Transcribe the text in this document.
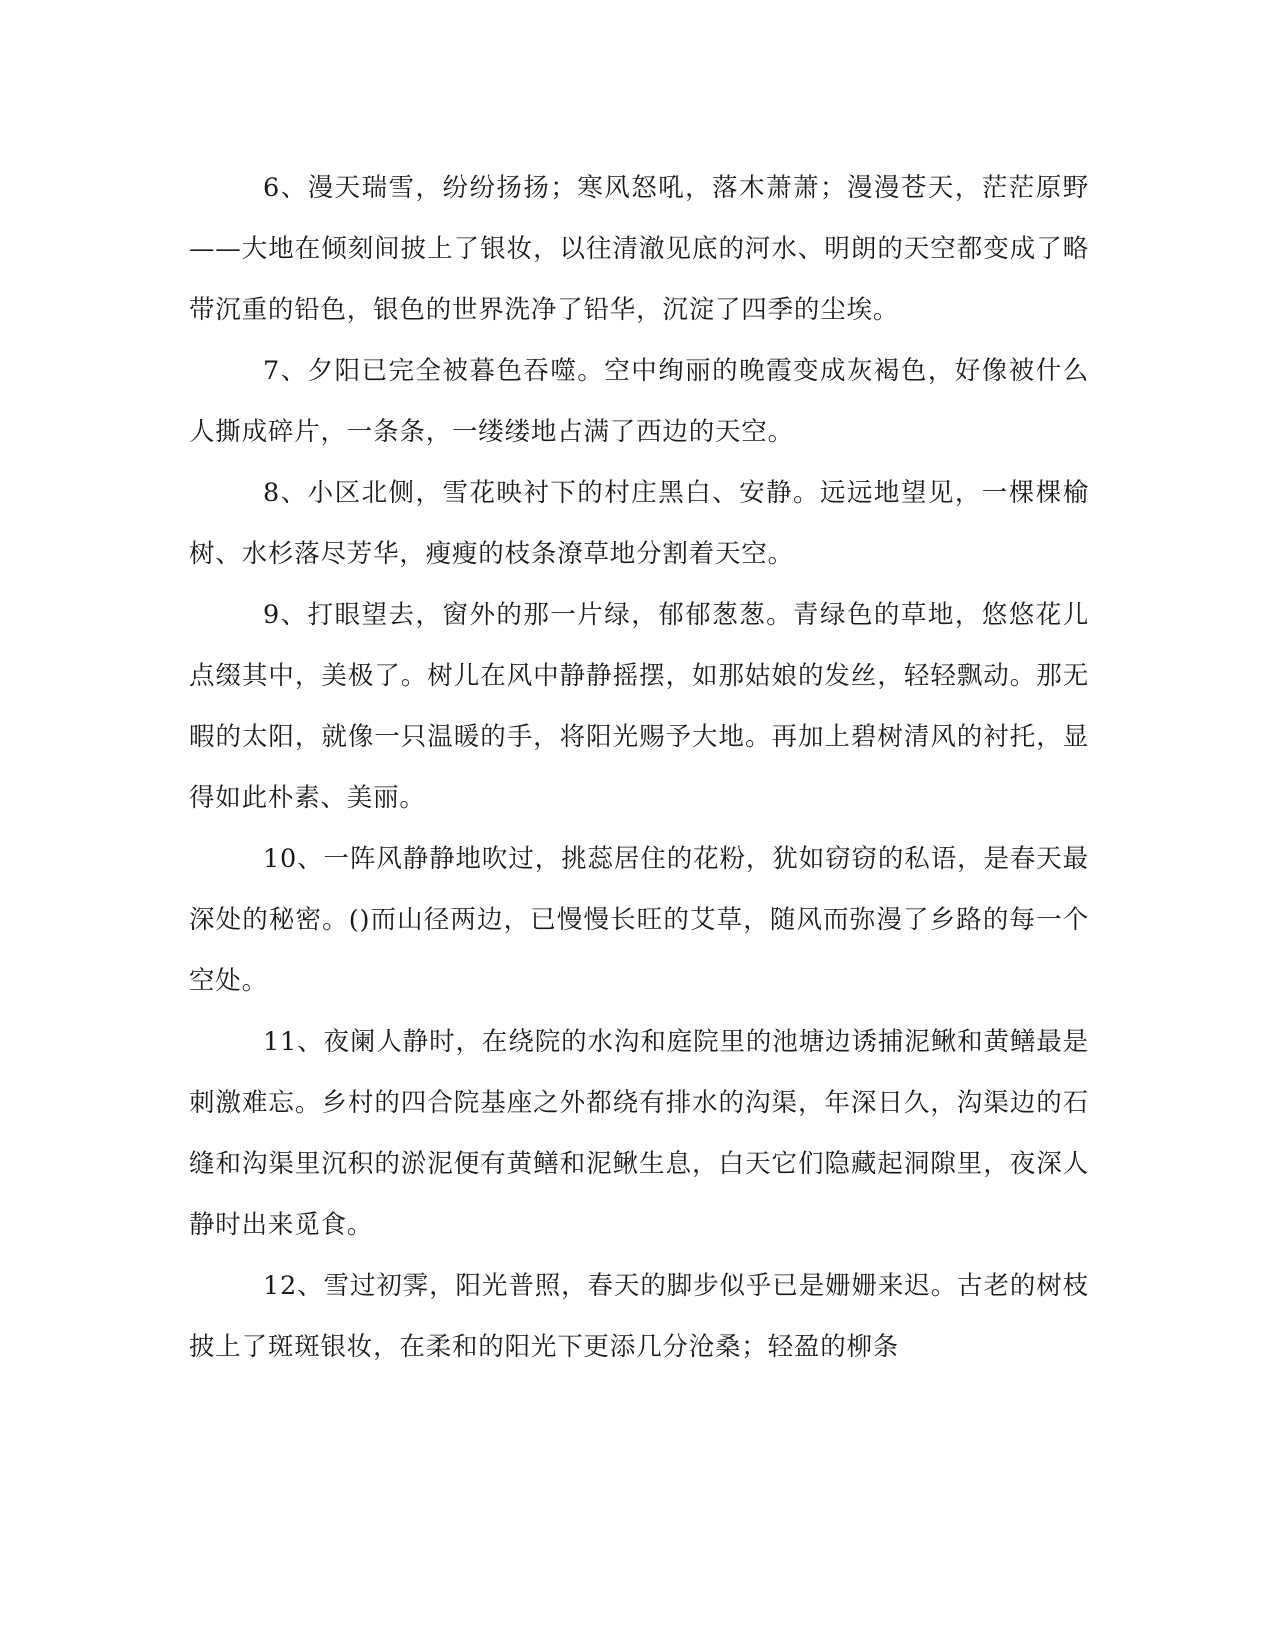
6、漫天瑞雪，纷纷扬扬；寒风怒吼，落木萧萧；漫漫苍天，茫茫原野——大地在倾刻间披上了银妆，以往清澈见底的河水、明朗的天空都变成了略带沉重的铅色，银色的世界洗净了铅华，沉淀了四季的尘埃。

7、夕阳已完全被暮色吞噬。空中绚丽的晚霞变成灰褐色，好像被什么人撕成碎片，一条条，一缕缕地占满了西边的天空。

8、小区北侧，雪花映衬下的村庄黑白、安静。远远地望见，一棵棵榆树、水杉落尽芳华，瘦瘦的枝条潦草地分割着天空。

9、打眼望去，窗外的那一片绿，郁郁葱葱。青绿色的草地，悠悠花儿点缀其中，美极了。树儿在风中静静摇摆，如那姑娘的发丝，轻轻飘动。那无暇的太阳，就像一只温暖的手，将阳光赐予大地。再加上碧树清风的衬托，显得如此朴素、美丽。

10、一阵风静静地吹过，挑蕊居住的花粉，犹如窃窃的私语，是春天最深处的秘密。()而山径两边，已慢慢长旺的艾草，随风而弥漫了乡路的每一个空处。

11、夜阑人静时，在绕院的水沟和庭院里的池塘边诱捕泥鳅和黄鳝最是刺激难忘。乡村的四合院基座之外都绕有排水的沟渠，年深日久，沟渠边的石缝和沟渠里沉积的淤泥便有黄鳝和泥鳅生息，白天它们隐藏起洞隙里，夜深人静时出来觅食。

12、雪过初霁，阳光普照，春天的脚步似乎已是姗姗来迟。古老的树枝披上了斑斑银妆，在柔和的阳光下更添几分沧桑；轻盈的柳条
